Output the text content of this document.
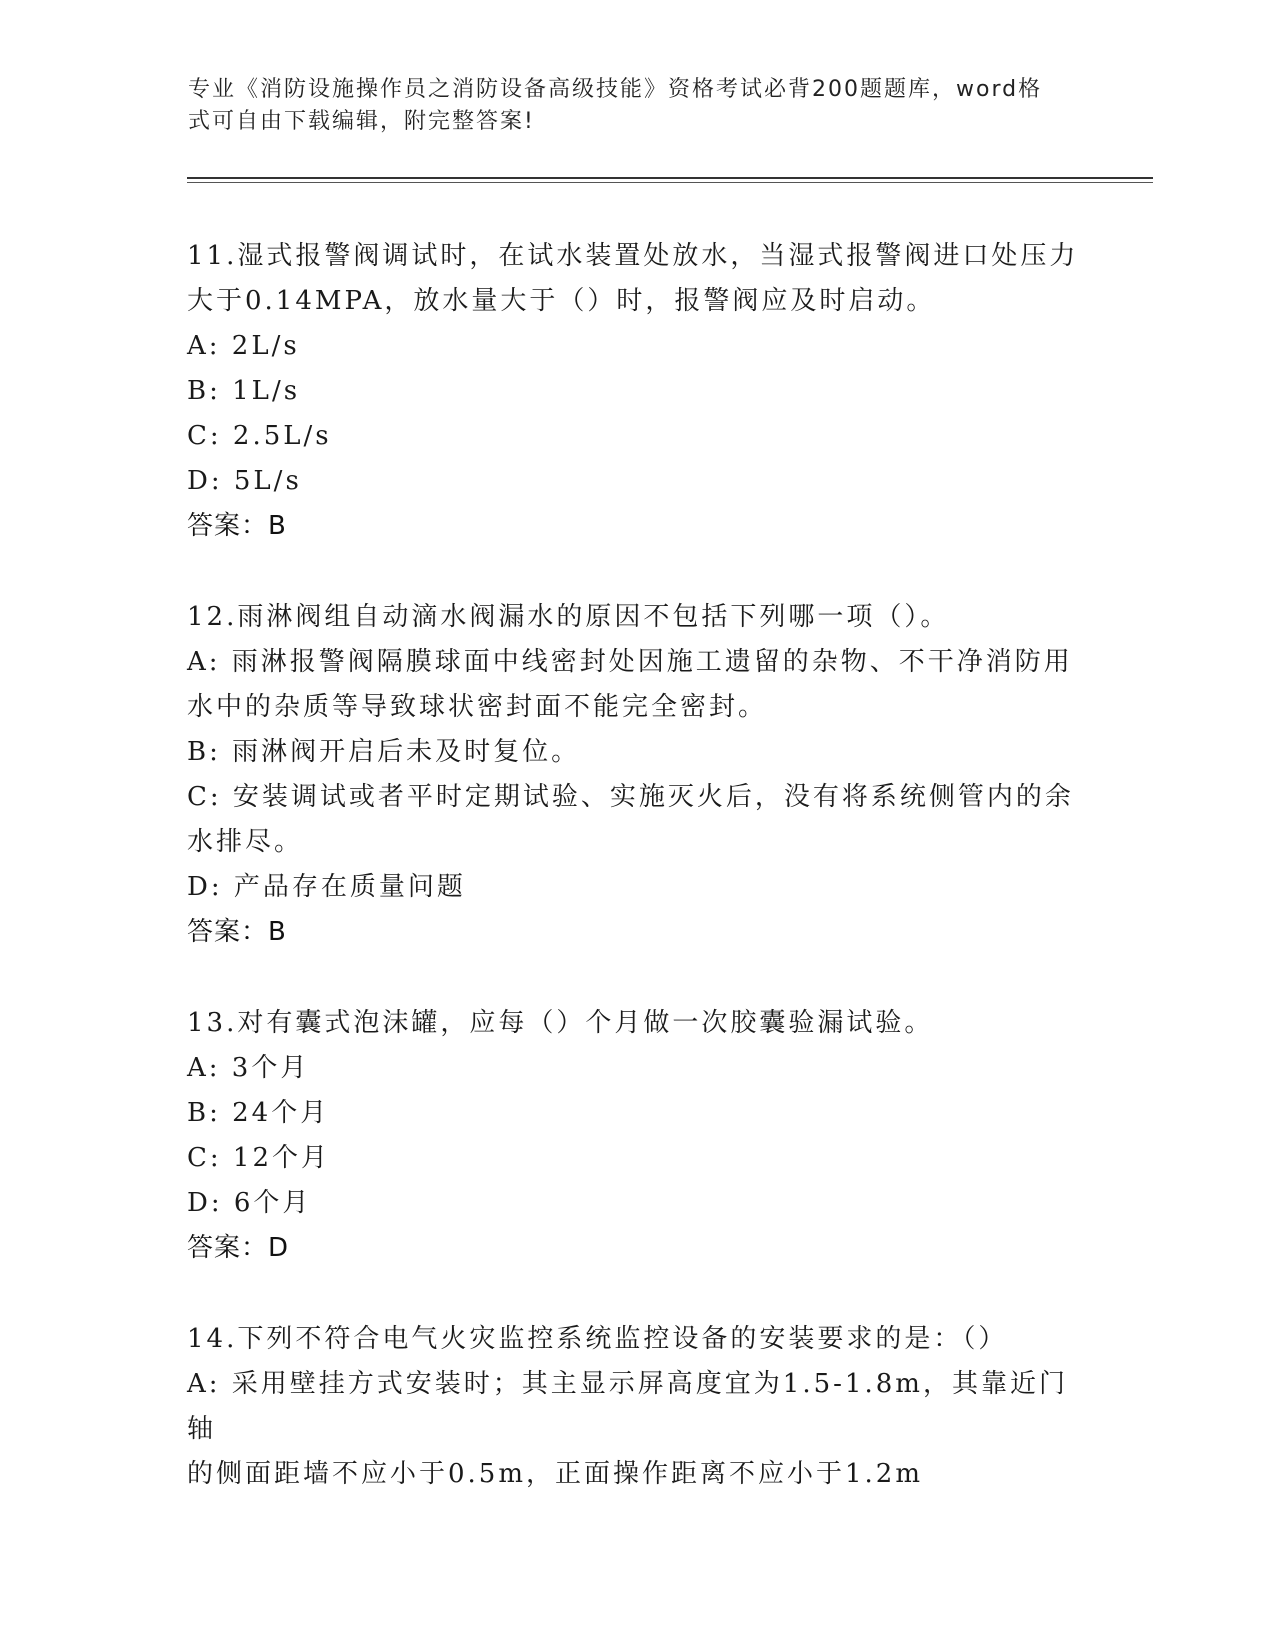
专业《消防设施操作员之消防设备高级技能》资格考试必背200题题库，word格
式可自由下载编辑，附完整答案!
11.湿式报警阀调试时，在试水装置处放水，当湿式报警阀进口处压力
大于0.14MPA，放水量大于（）时，报警阀应及时启动。
A: 2L/s
B: 1L/s
C: 2.5L/s
D: 5L/s
答案：B
12.雨淋阀组自动滴水阀漏水的原因不包括下列哪一项（）。
A: 雨淋报警阀隔膜球面中线密封处因施工遗留的杂物、不干净消防用
水中的杂质等导致球状密封面不能完全密封。
B: 雨淋阀开启后未及时复位。
C: 安装调试或者平时定期试验、实施灭火后，没有将系统侧管内的余
水排尽。
D: 产品存在质量问题
答案：B
13.对有囊式泡沫罐，应每（）个月做一次胶囊验漏试验。
A: 3个月
B: 24个月
C: 12个月
D: 6个月
答案：D
14.下列不符合电气火灾监控系统监控设备的安装要求的是：（）
A: 采用壁挂方式安装时；其主显示屏高度宜为1.5-1.8m，其靠近门轴
的侧面距墙不应小于0.5m，正面操作距离不应小于1.2m
